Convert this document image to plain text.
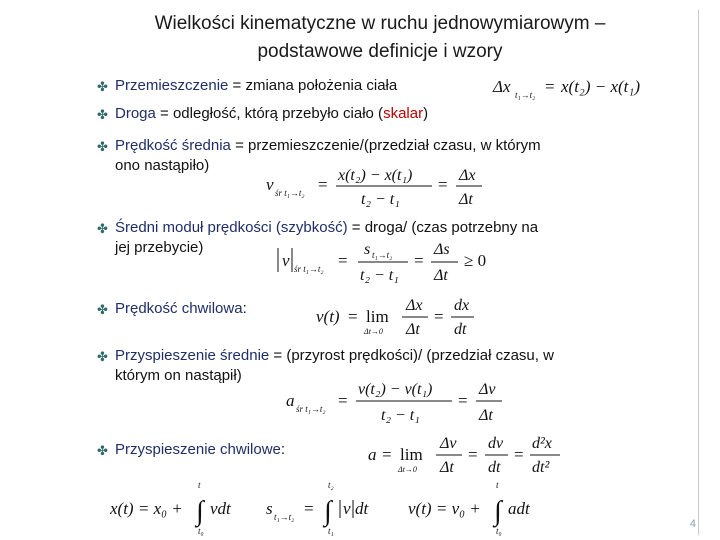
Wielkości kinematyczne w ruchu jednowymiarowym –
podstawowe definicje i wzory
✤ Przemieszczenie = zmiana położenia ciała	Δx t₁→t₂ = x(t₂) − x(t₁)
✤ Droga = odległość, którą przebyło ciało (skalar)
✤ Prędkość średnia = przemieszczenie/(przedział czasu, w którym
ono nastąpiło)
v śr t₁→t₂ = x(t₂) − x(t₁)
t₂ − t₁
= Δx
Δt
✤ Średni moduł prędkości (szybkość) = droga/ (czas potrzebny na
jej przebycie)
v śr t₁→t₂ =
s t₁→t₂
t₂ − t₁
=
Δs
Δt
≥ 0
✤ Prędkość chwilowa:	v(t) = lim
Δt→0
Δx
Δt
=
dx
dt
✤ Przyspieszenie średnie = (przyrost prędkości)/ (przedział czasu, w
którym on nastąpił)
a śr t₁→t₂ =
v(t₂) − v(t₁)
t₂ − t₁
=
Δv
Δt
✤ Przyspieszenie chwilowe:	a = lim
Δt→0
Δv
Δt
=
dv
dt
=
d²x
dt²
x(t) = x₀ +
t
∫
t₀
vdt s t₁→t₂ =
t₂
∫
t₁
v dt v(t) = v₀ +
t
∫
t₀
adt
4
